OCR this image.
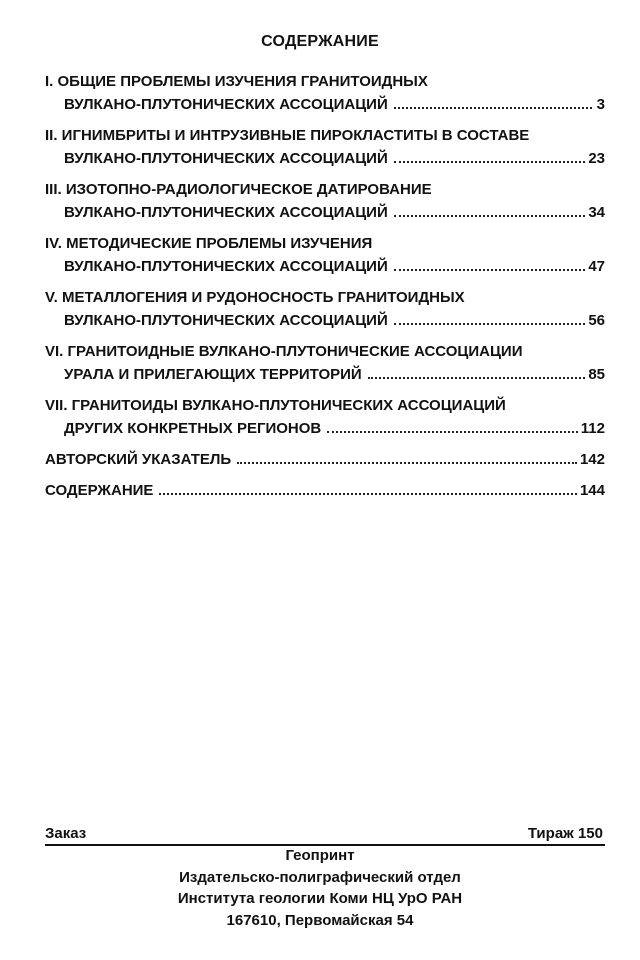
СОДЕРЖАНИЕ
I. ОБЩИЕ ПРОБЛЕМЫ ИЗУЧЕНИЯ ГРАНИТОИДНЫХ
ВУЛКАНО-ПЛУТОНИЧЕСКИХ АССОЦИАЦИЙ	3
II. ИГНИМБРИТЫ И ИНТРУЗИВНЫЕ ПИРОКЛАСТИТЫ В СОСТАВЕ
ВУЛКАНО-ПЛУТОНИЧЕСКИХ АССОЦИАЦИЙ	23
III. ИЗОТОПНО-РАДИОЛОГИЧЕСКОЕ ДАТИРОВАНИЕ
ВУЛКАНО-ПЛУТОНИЧЕСКИХ АССОЦИАЦИЙ	34
IV. МЕТОДИЧЕСКИЕ ПРОБЛЕМЫ ИЗУЧЕНИЯ
ВУЛКАНО-ПЛУТОНИЧЕСКИХ АССОЦИАЦИЙ	47
V. МЕТАЛЛОГЕНИЯ И РУДОНОСНОСТЬ ГРАНИТОИДНЫХ
ВУЛКАНО-ПЛУТОНИЧЕСКИХ АССОЦИАЦИЙ	56
VI. ГРАНИТОИДНЫЕ ВУЛКАНО-ПЛУТОНИЧЕСКИЕ АССОЦИАЦИИ
УРАЛА И ПРИЛЕГАЮЩИХ ТЕРРИТОРИЙ	85
VII. ГРАНИТОИДЫ ВУЛКАНО-ПЛУТОНИЧЕСКИХ АССОЦИАЦИЙ
ДРУГИХ КОНКРЕТНЫХ РЕГИОНОВ	112
АВТОРСКИЙ УКАЗАТЕЛЬ	142
СОДЕРЖАНИЕ	144
Заказ	Тираж 150
Геопринт
Издательско-полиграфический отдел
Института геологии Коми НЦ УрО РАН
167610, Первомайская 54
